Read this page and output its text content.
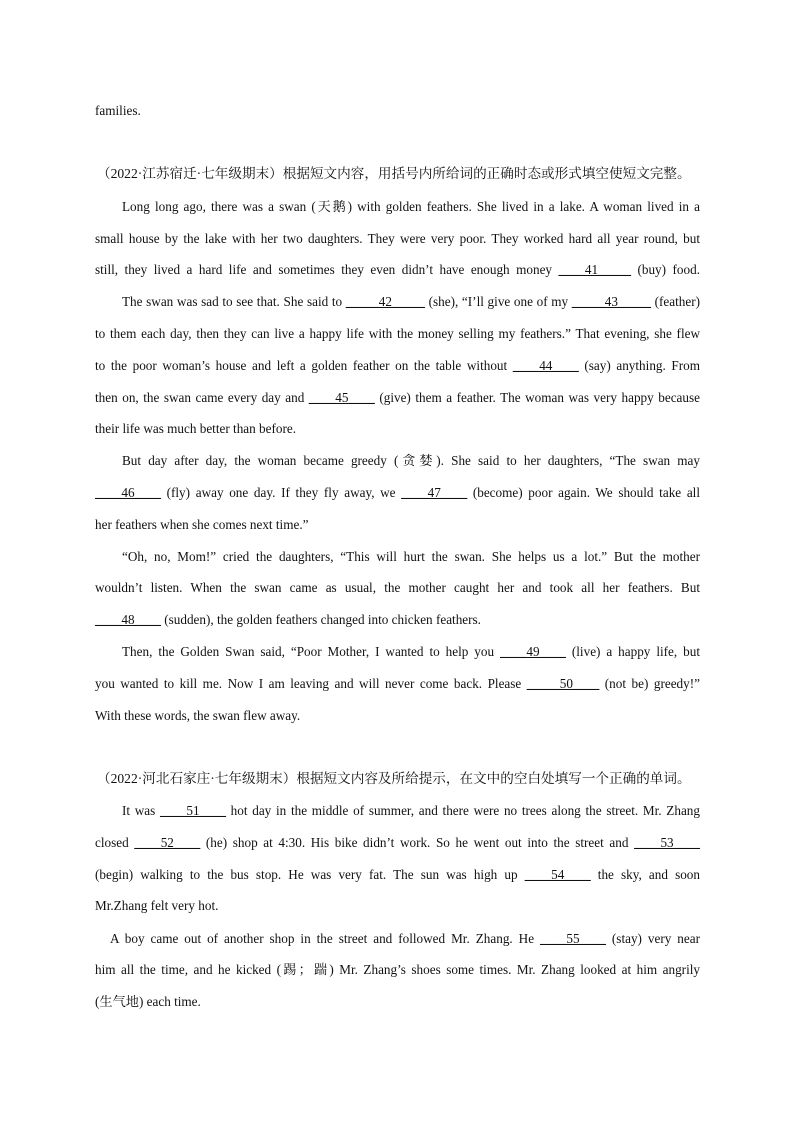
families.
（2022·江苏宿迁·七年级期末）根据短文内容，用括号内所给词的正确时态或形式填空使短文完整。
Long long ago, there was a swan (天鹅) with golden feathers. She lived in a lake. A woman lived in a
small house by the lake with her two daughters. They were very poor. They worked hard all year round, but
still, they lived a hard life and sometimes they even didn’t have enough money ____41_____ (buy) food.
The swan was sad to see that. She said to _____42_____ (she), “I’ll give one of my _____43_____ (feather)
to them each day, then they can live a happy life with the money selling my feathers.” That evening, she flew
to the poor woman’s house and left a golden feather on the table without ____44____ (say) anything. From
then on, the swan came every day and ____45____ (give) them a feather. The woman was very happy because
their life was much better than before.
But day after day, the woman became greedy (贪婪). She said to her daughters, “The swan may
____46____ (fly) away one day. If they fly away, we ____47____ (become) poor again. We should take all
her feathers when she comes next time.”
“Oh, no, Mom!” cried the daughters, “This will hurt the swan. She helps us a lot.” But the mother
wouldn’t listen. When the swan came as usual, the mother caught her and took all her feathers. But
____48____ (sudden), the golden feathers changed into chicken feathers.
Then, the Golden Swan said, “Poor Mother, I wanted to help you ____49____ (live) a happy life, but
you wanted to kill me. Now I am leaving and will never come back. Please _____50____ (not be) greedy!”
With these words, the swan flew away.
（2022·河北石家庄·七年级期末）根据短文内容及所给提示，在文中的空白处填写一个正确的单词。
It was ____51____ hot day in the middle of summer, and there were no trees along the street. Mr. Zhang
closed ____52____ (he) shop at 4:30. His bike didn’t work. So he went out into the street and ____53____
(begin) walking to the bus stop. He was very fat. The sun was high up ____54____ the sky, and soon
Mr.Zhang felt very hot.
A boy came out of another shop in the street and followed Mr. Zhang. He ____55____ (stay) very near
him all the time, and he kicked (踢；踹) Mr. Zhang’s shoes some times. Mr. Zhang looked at him angrily
(生气地) each time.
